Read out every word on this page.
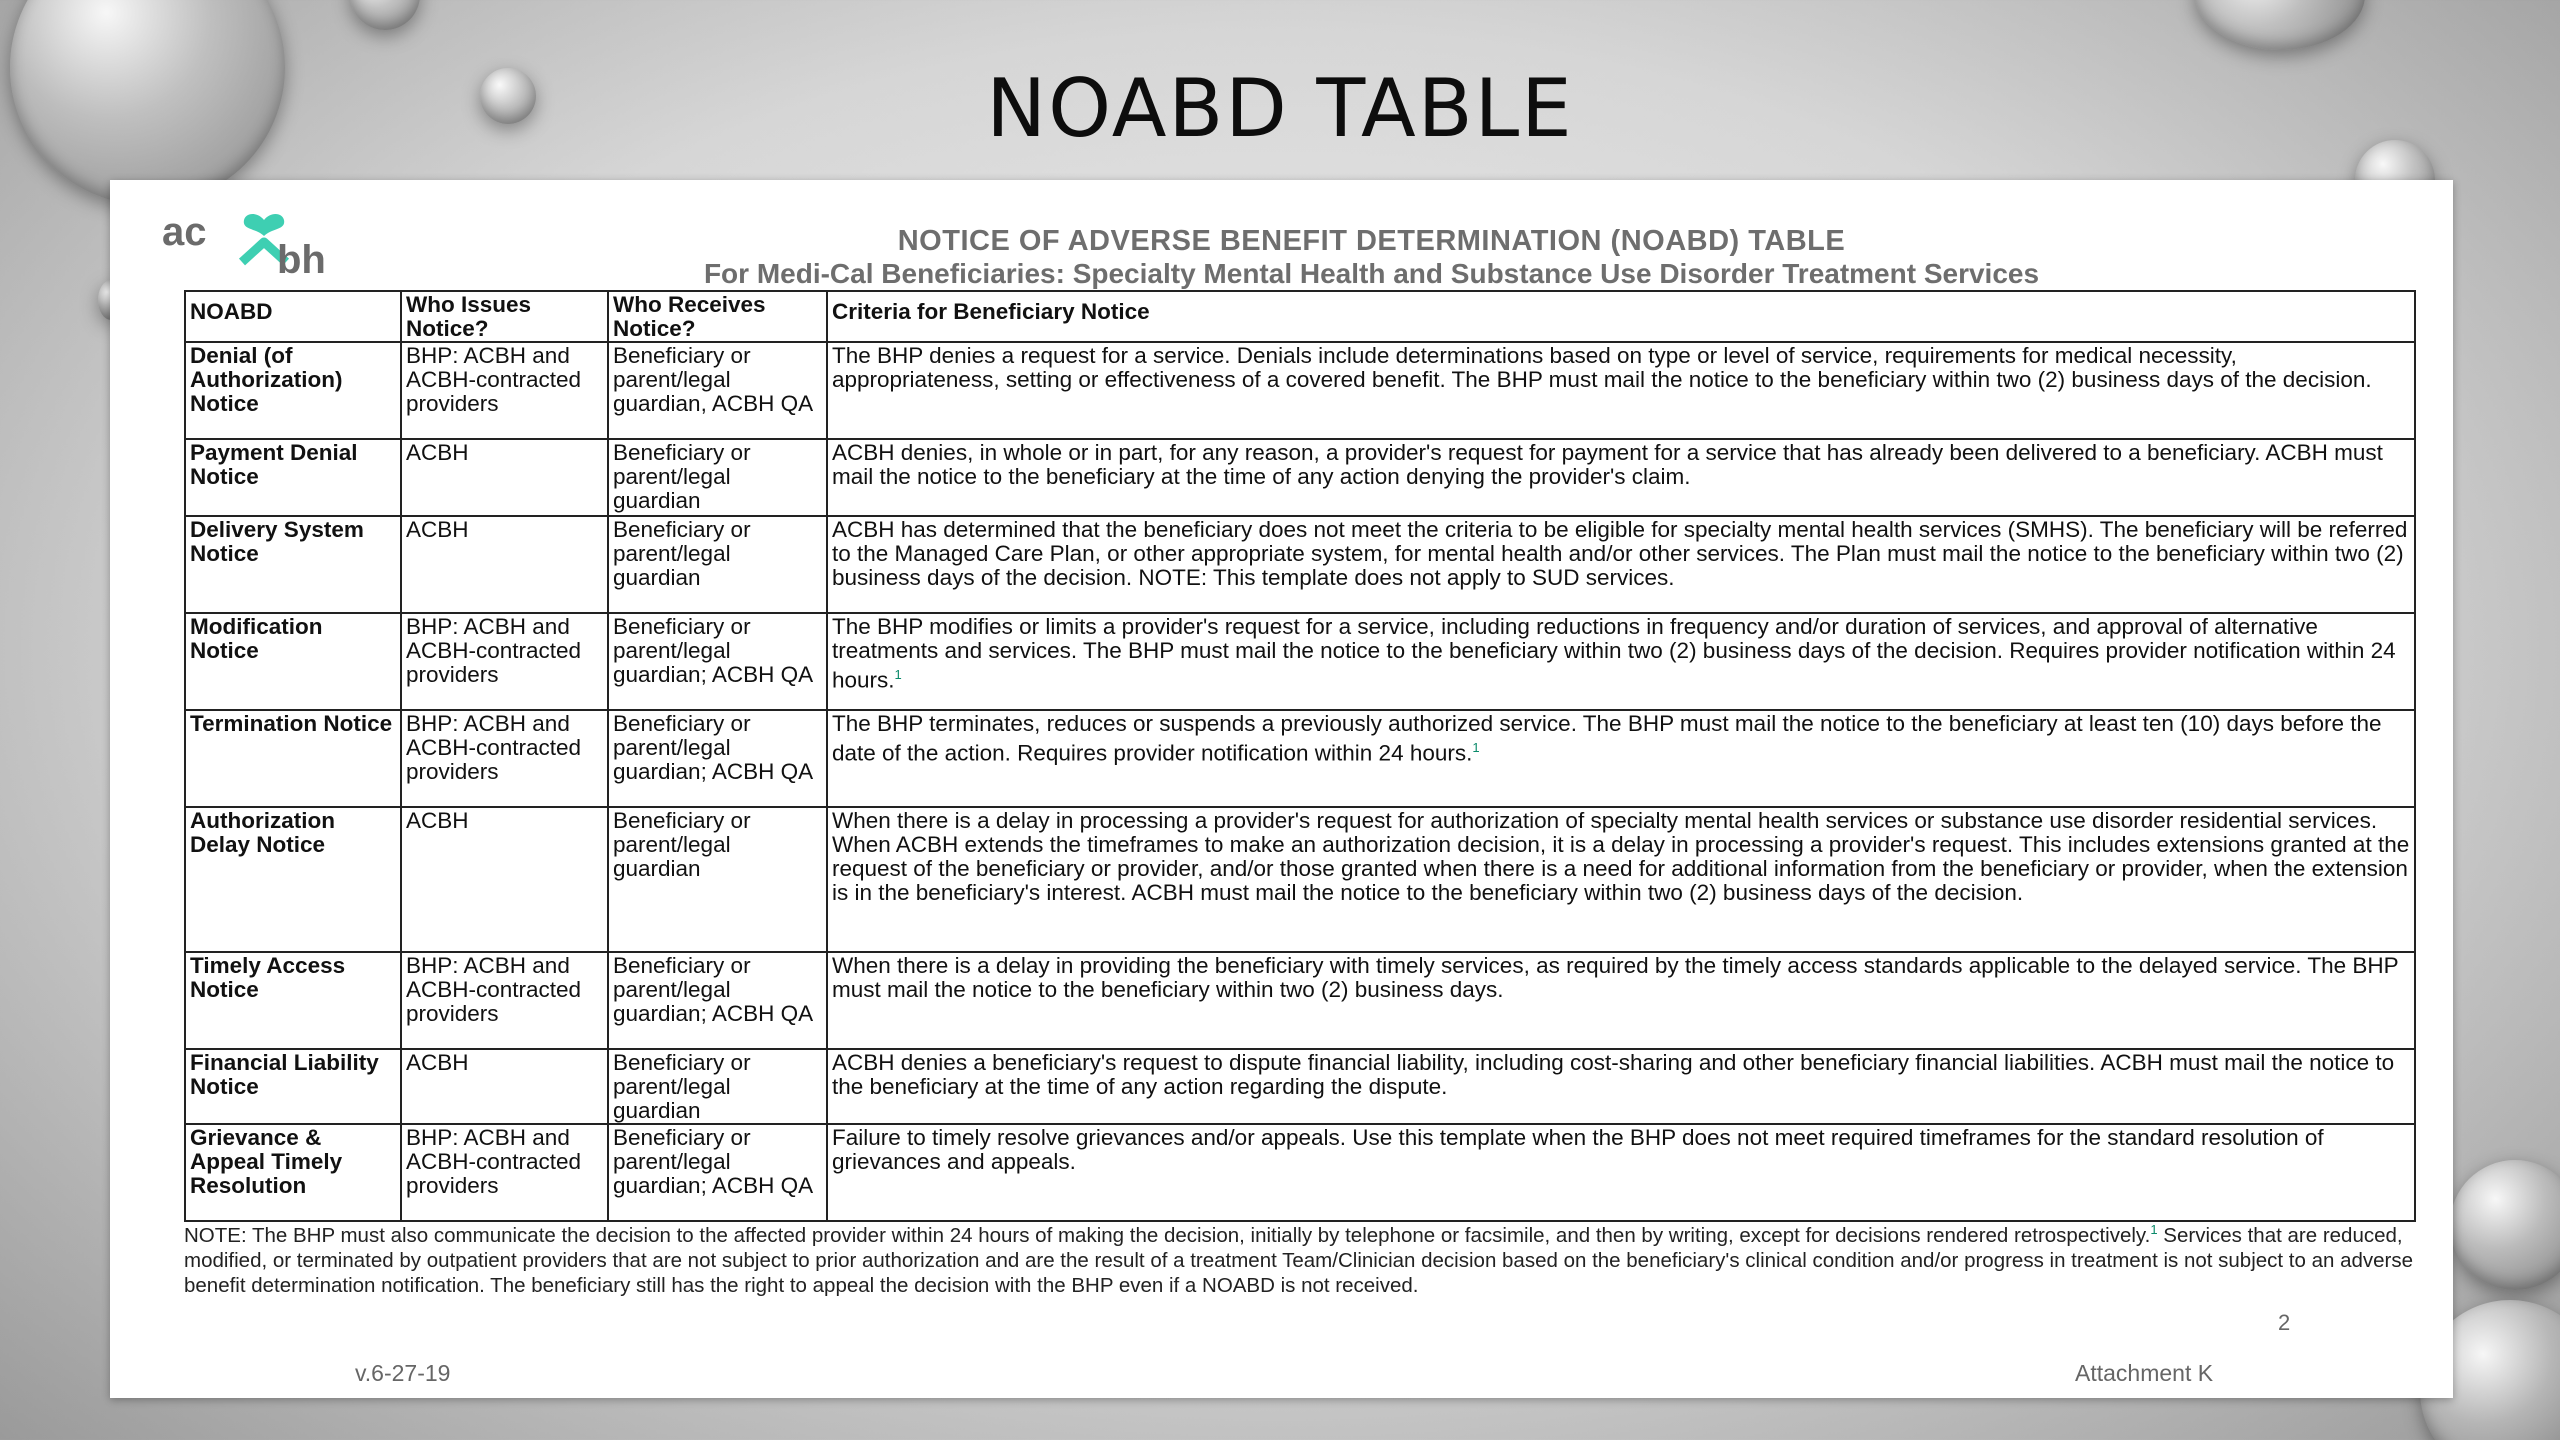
NOABD TABLE
ac
bh	NOTICE OF ADVERSE BENEFIT DETERMINATION (NOABD) TABLE
For Medi-Cal Beneficiaries: Specialty Mental Health and Substance Use Disorder Treatment Services
NOABD	Who Issues Notice?	Who Receives Notice?	Criteria for Beneficiary Notice
Denial (of Authorization) Notice	BHP: ACBH and ACBH-contracted providers	Beneficiary or parent/legal guardian, ACBH QA	The BHP denies a request for a service. Denials include determinations based on type or level of service, requirements for medical necessity, appropriateness, setting or effectiveness of a covered benefit. The BHP must mail the notice to the beneficiary within two (2) business days of the decision.
Payment Denial Notice	ACBH	Beneficiary or parent/legal guardian	ACBH denies, in whole or in part, for any reason, a provider's request for payment for a service that has already been delivered to a beneficiary. ACBH must mail the notice to the beneficiary at the time of any action denying the provider's claim.
Delivery System Notice	ACBH	Beneficiary or parent/legal guardian	ACBH has determined that the beneficiary does not meet the criteria to be eligible for specialty mental health services (SMHS). The beneficiary will be referred to the Managed Care Plan, or other appropriate system, for mental health and/or other services. The Plan must mail the notice to the beneficiary within two (2) business days of the decision. NOTE: This template does not apply to SUD services.
Modification Notice	BHP: ACBH and ACBH-contracted providers	Beneficiary or parent/legal guardian; ACBH QA	The BHP modifies or limits a provider's request for a service, including reductions in frequency and/or duration of services, and approval of alternative treatments and services. The BHP must mail the notice to the beneficiary within two (2) business days of the decision. Requires provider notification within 24 hours.$^1$
Termination Notice	BHP: ACBH and ACBH-contracted providers	Beneficiary or parent/legal guardian; ACBH QA	The BHP terminates, reduces or suspends a previously authorized service. The BHP must mail the notice to the beneficiary at least ten (10) days before the date of the action. Requires provider notification within 24 hours.$^1$
Authorization Delay Notice	ACBH	Beneficiary or parent/legal guardian	When there is a delay in processing a provider's request for authorization of specialty mental health services or substance use disorder residential services. When ACBH extends the timeframes to make an authorization decision, it is a delay in processing a provider's request. This includes extensions granted at the request of the beneficiary or provider, and/or those granted when there is a need for additional information from the beneficiary or provider, when the extension is in the beneficiary's interest. ACBH must mail the notice to the beneficiary within two (2) business days of the decision.
Timely Access Notice	BHP: ACBH and ACBH-contracted providers	Beneficiary or parent/legal guardian; ACBH QA	When there is a delay in providing the beneficiary with timely services, as required by the timely access standards applicable to the delayed service. The BHP must mail the notice to the beneficiary within two (2) business days.
Financial Liability Notice	ACBH	Beneficiary or parent/legal guardian	ACBH denies a beneficiary's request to dispute financial liability, including cost-sharing and other beneficiary financial liabilities. ACBH must mail the notice to the beneficiary at the time of any action regarding the dispute.
Grievance & Appeal Timely Resolution	BHP: ACBH and ACBH-contracted providers	Beneficiary or parent/legal guardian; ACBH QA	Failure to timely resolve grievances and/or appeals. Use this template when the BHP does not meet required timeframes for the standard resolution of grievances and appeals.
NOTE: The BHP must also communicate the decision to the affected provider within 24 hours of making the decision, initially by telephone or facsimile, and then by writing, except for decisions rendered retrospectively.$^1$ Services that are reduced, modified, or terminated by outpatient providers that are not subject to prior authorization and are the result of a treatment Team/Clinician decision based on the beneficiary's clinical condition and/or progress in treatment is not subject to an adverse benefit determination notification. The beneficiary still has the right to appeal the decision with the BHP even if a NOABD is not received.
2
v.6-27-19	Attachment K
